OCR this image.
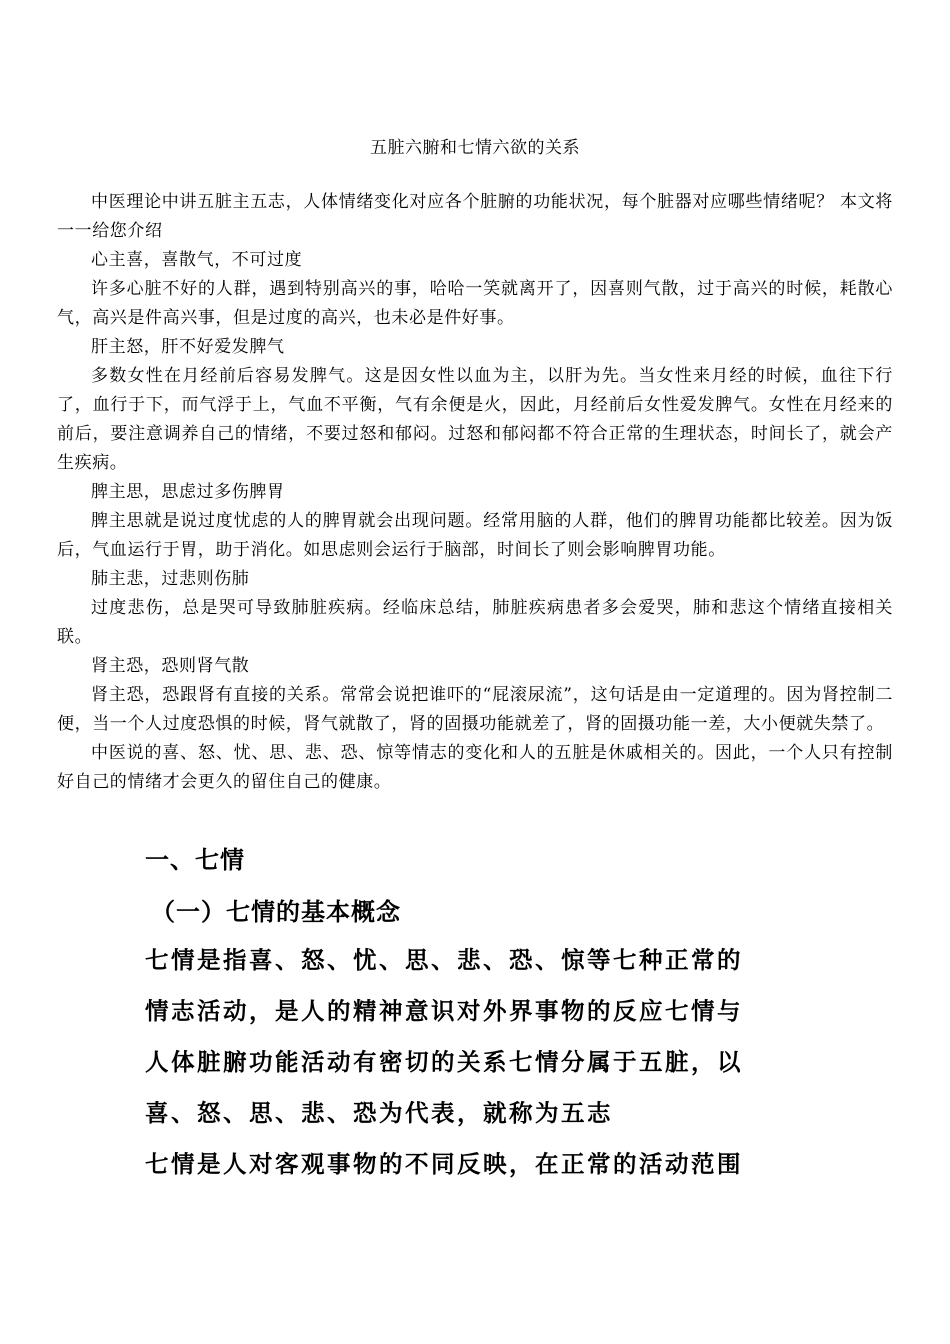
五脏六腑和七情六欲的关系

中医理论中讲五脏主五志，人体情绪变化对应各个脏腑的功能状况，每个脏器对应哪些情绪呢？ 本文将一一给您介绍

心主喜，喜散气，不可过度

许多心脏不好的人群，遇到特别高兴的事，哈哈一笑就离开了，因喜则气散，过于高兴的时候，耗散心气，高兴是件高兴事，但是过度的高兴，也未必是件好事。

肝主怒，肝不好爱发脾气

多数女性在月经前后容易发脾气。这是因女性以血为主，以肝为先。当女性来月经的时候，血往下行了，血行于下，而气浮于上，气血不平衡，气有余便是火，因此，月经前后女性爱发脾气。女性在月经来的前后，要注意调养自己的情绪，不要过怒和郁闷。过怒和郁闷都不符合正常的生理状态，时间长了，就会产生疾病。

脾主思，思虑过多伤脾胃

脾主思就是说过度忧虑的人的脾胃就会出现问题。经常用脑的人群，他们的脾胃功能都比较差。因为饭后，气血运行于胃，助于消化。如思虑则会运行于脑部，时间长了则会影响脾胃功能。

肺主悲，过悲则伤肺

过度悲伤，总是哭可导致肺脏疾病。经临床总结，肺脏疾病患者多会爱哭，肺和悲这个情绪直接相关联。

肾主恐，恐则肾气散

肾主恐，恐跟肾有直接的关系。常常会说把谁吓的“屁滚尿流”，这句话是由一定道理的。因为肾控制二便，当一个人过度恐惧的时候，肾气就散了，肾的固摄功能就差了，肾的固摄功能一差，大小便就失禁了。

中医说的喜、怒、忧、思、悲、恐、惊等情志的变化和人的五脏是休戚相关的。因此，一个人只有控制好自己的情绪才会更久的留住自己的健康。

一、七情
（一）七情的基本概念
七情是指喜、怒、忧、思、悲、恐、惊等七种正常的
情志活动，是人的精神意识对外界事物的反应七情与
人体脏腑功能活动有密切的关系七情分属于五脏，以
喜、怒、思、悲、恐为代表，就称为五志
七情是人对客观事物的不同反映，在正常的活动范围
